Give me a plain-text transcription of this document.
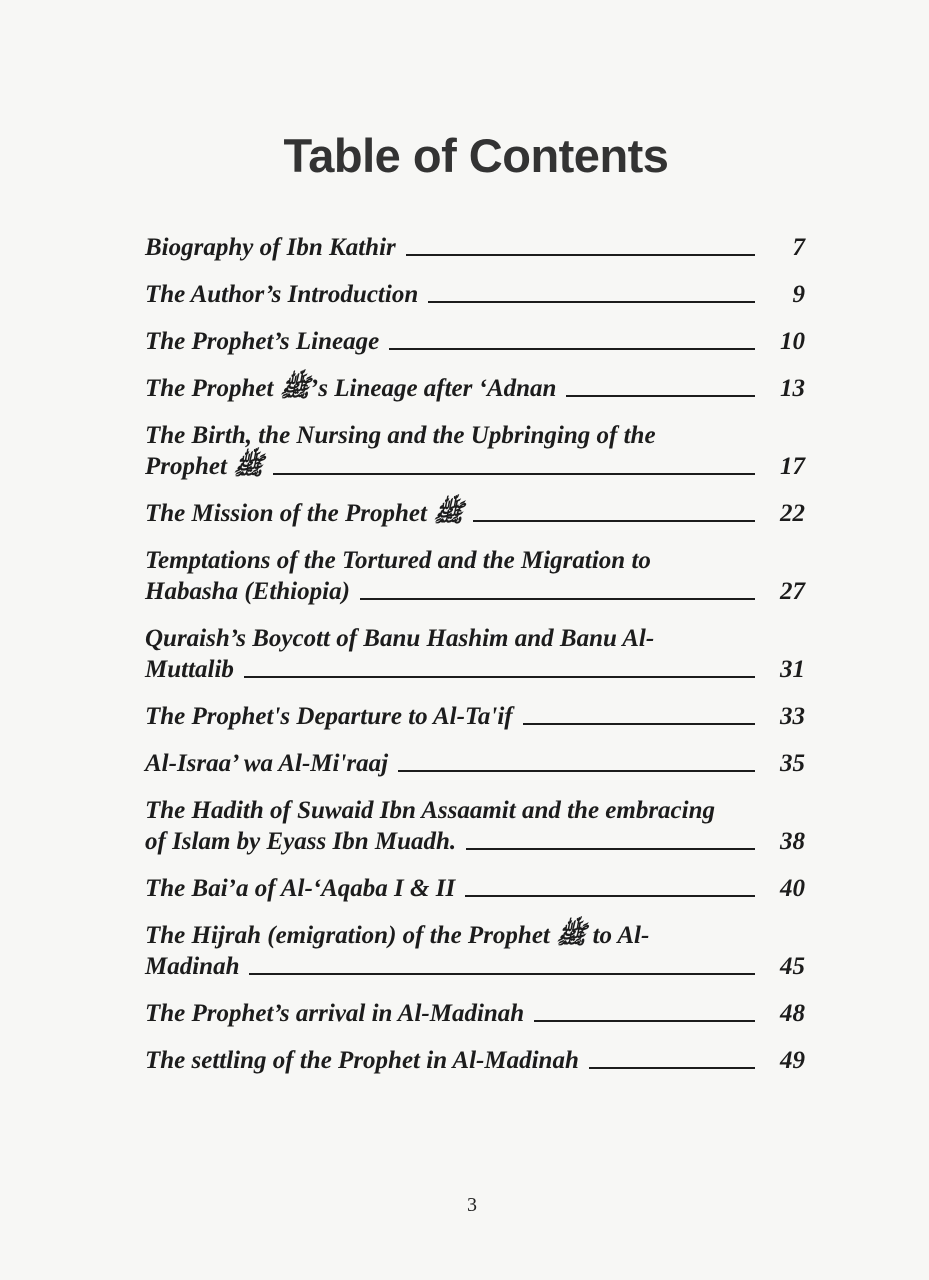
Table of Contents
Biography of Ibn Kathir	7
The Author’s Introduction	9
The Prophet’s Lineage	10
The Prophet ﷺ’s Lineage after ‘Adnan	13
The Birth, the Nursing and the Upbringing of the
Prophet ﷺ	17
The Mission of the Prophet ﷺ	22
Temptations of the Tortured and the Migration to
Habasha (Ethiopia)	27
Quraish’s Boycott of Banu Hashim and Banu Al-
Muttalib	31
The Prophet's Departure to Al-Ta'if	33
Al-Israa’ wa Al-Mi'raaj	35
The Hadith of Suwaid Ibn Assaamit and the embracing
of Islam by Eyass Ibn Muadh.	38
The Bai’a of Al-‘Aqaba I & II	40
The Hijrah (emigration) of the Prophet ﷺ to Al-
Madinah	45
The Prophet’s arrival in Al-Madinah	48
The settling of the Prophet in Al-Madinah	49
3
